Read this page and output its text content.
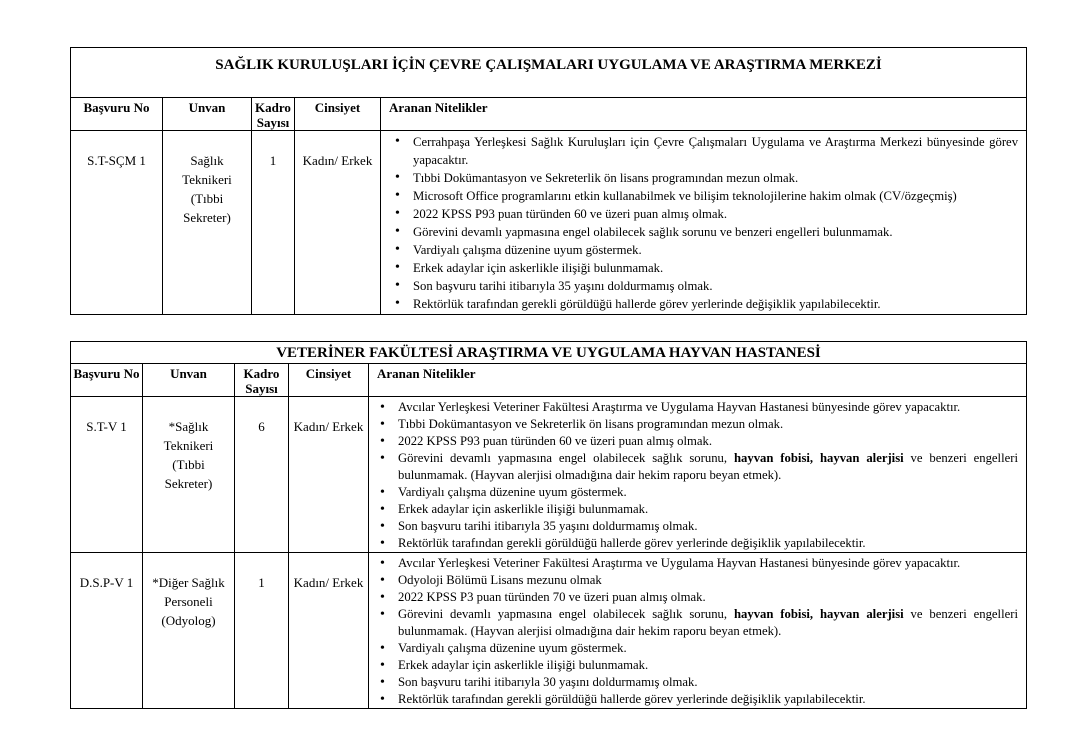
SAĞLIK KURULUŞLARI İÇİN ÇEVRE ÇALIŞMALARI UYGULAMA VE ARAŞTIRMA MERKEZİ				
Başvuru No	Unvan	Kadro Sayısı	Cinsiyet	Aranan Nitelikler
S.T-SÇM 1	Sağlık Teknikeri (Tıbbi Sekreter)	1	Kadın/ Erkek	
• Cerrahpaşa Yerleşkesi Sağlık Kuruluşları için Çevre Çalışmaları Uygulama ve Araştırma Merkezi bünyesinde görev yapacaktır.
• Tıbbi Dokümantasyon ve Sekreterlik ön lisans programından mezun olmak.
• Microsoft Office programlarını etkin kullanabilmek ve bilişim teknolojilerine hakim olmak (CV/özgeçmiş)
• 2022 KPSS P93 puan türünden 60 ve üzeri puan almış olmak.
• Görevini devamlı yapmasına engel olabilecek sağlık sorunu ve benzeri engelleri bulunmamak.
• Vardiyalı çalışma düzenine uyum göstermek.
• Erkek adaylar için askerlikle ilişiği bulunmamak.
• Son başvuru tarihi itibarıyla 35 yaşını doldurmamış olmak.
• Rektörlük tarafından gerekli görüldüğü hallerde görev yerlerinde değişiklik yapılabilecektir.
VETERİNER FAKÜLTESİ ARAŞTIRMA VE UYGULAMA HAYVAN HASTANESİ				
Başvuru No	Unvan	Kadro Sayısı	Cinsiyet	Aranan Nitelikler
S.T-V 1	*Sağlık Teknikeri (Tıbbi Sekreter)	6	Kadın/ Erkek	
• Avcılar Yerleşkesi Veteriner Fakültesi Araştırma ve Uygulama Hayvan Hastanesi bünyesinde görev yapacaktır.
• Tıbbi Dokümantasyon ve Sekreterlik ön lisans programından mezun olmak.
• 2022 KPSS P93 puan türünden 60 ve üzeri puan almış olmak.
• Görevini devamlı yapmasına engel olabilecek sağlık sorunu, hayvan fobisi, hayvan alerjisi ve benzeri engelleri bulunmamak. (Hayvan alerjisi olmadığına dair hekim raporu beyan etmek).
• Vardiyalı çalışma düzenine uyum göstermek.
• Erkek adaylar için askerlikle ilişiği bulunmamak.
• Son başvuru tarihi itibarıyla 35 yaşını doldurmamış olmak.
• Rektörlük tarafından gerekli görüldüğü hallerde görev yerlerinde değişiklik yapılabilecektir.

D.S.P-V 1	*Diğer Sağlık Personeli (Odyolog)	1	Kadın/ Erkek	
• Avcılar Yerleşkesi Veteriner Fakültesi Araştırma ve Uygulama Hayvan Hastanesi bünyesinde görev yapacaktır.
• Odyoloji Bölümü Lisans mezunu olmak
• 2022 KPSS P3 puan türünden 70 ve üzeri puan almış olmak.
• Görevini devamlı yapmasına engel olabilecek sağlık sorunu, hayvan fobisi, hayvan alerjisi ve benzeri engelleri bulunmamak. (Hayvan alerjisi olmadığına dair hekim raporu beyan etmek).
• Vardiyalı çalışma düzenine uyum göstermek.
• Erkek adaylar için askerlikle ilişiği bulunmamak.
• Son başvuru tarihi itibarıyla 30 yaşını doldurmamış olmak.
• Rektörlük tarafından gerekli görüldüğü hallerde görev yerlerinde değişiklik yapılabilecektir.
